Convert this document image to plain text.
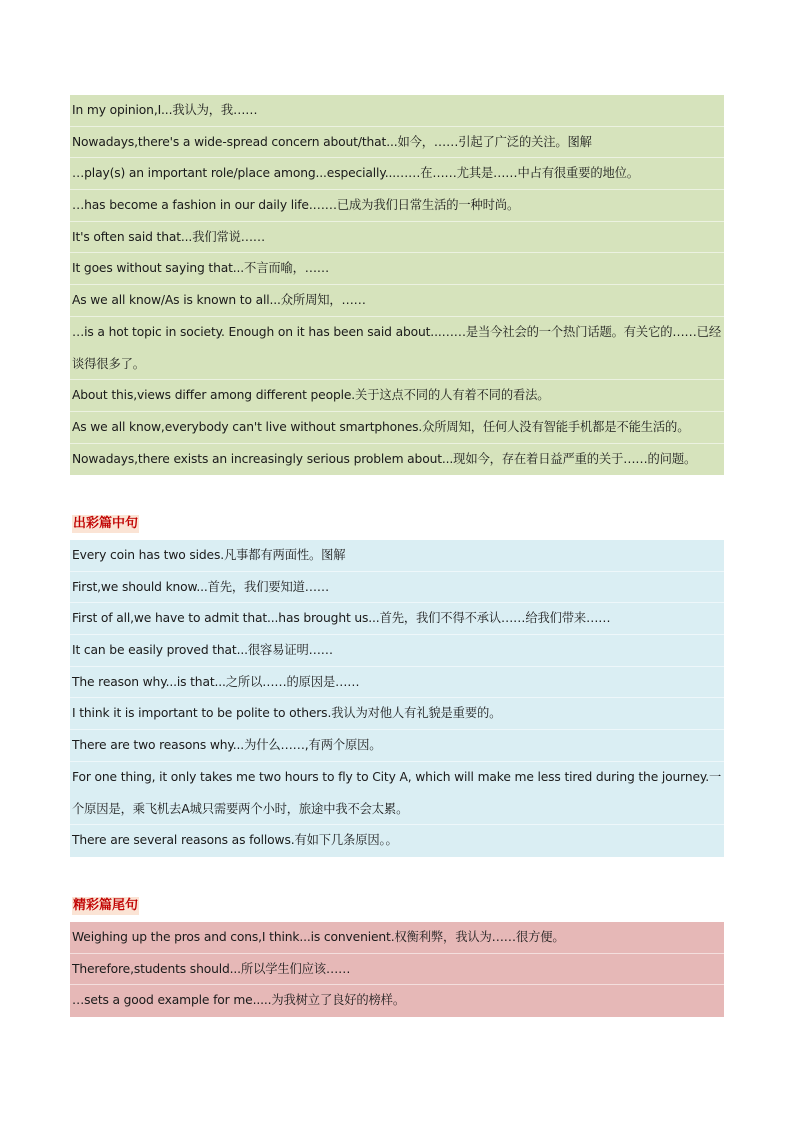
In my opinion,I...我认为，我……
Nowadays,there's a wide-spread concern about/that...如今，……引起了广泛的关注。图解
…play(s) an important role/place among...especially...……在……尤其是……中占有很重要的地位。
…has become a fashion in our daily life.……已成为我们日常生活的一种时尚。
It's often said that...我们常说……
It goes without saying that...不言而喻，……
As we all know/As is known to all...众所周知，……
…is a hot topic in society. Enough on it has been said about...……是当今社会的一个热门话题。有关它的……已经谈得很多了。
About this,views differ among different people.关于这点不同的人有着不同的看法。
As we all know,everybody can't live without smartphones.众所周知，任何人没有智能手机都是不能生活的。
Nowadays,there exists an increasingly serious problem about...现如今，存在着日益严重的关于……的问题。
出彩篇中句
Every coin has two sides.凡事都有两面性。图解
First,we should know...首先，我们要知道……
First of all,we have to admit that...has brought us...首先，我们不得不承认……给我们带来……
It can be easily proved that...很容易证明……
The reason why...is that...之所以……的原因是……
I think it is important to be polite to others.我认为对他人有礼貌是重要的。
There are two reasons why...为什么……,有两个原因。
For one thing, it only takes me two hours to fly to City A, which will make me less tired during the journey.一个原因是，乘飞机去A城只需要两个小时，旅途中我不会太累。
There are several reasons as follows.有如下几条原因。。
精彩篇尾句
Weighing up the pros and cons,I think...is convenient.权衡利弊，我认为……很方便。
Therefore,students should...所以学生们应该……
…sets a good example for me.....为我树立了良好的榜样。
